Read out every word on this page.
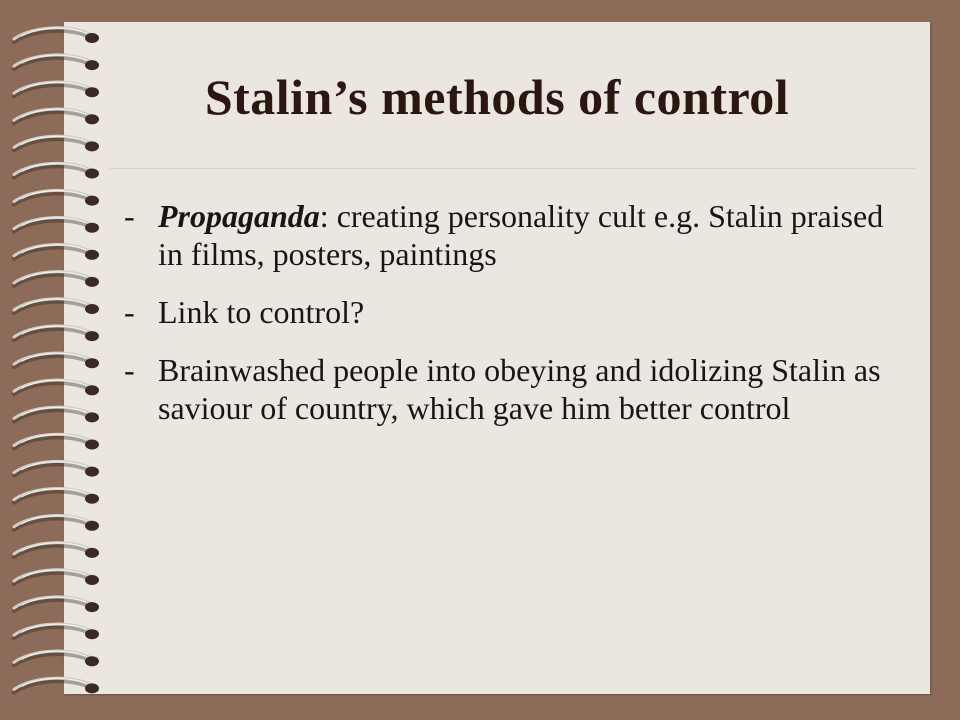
Stalin’s methods of control
- Propaganda: creating personality cult e.g. Stalin praised in films, posters, paintings
- Link to control?
- Brainwashed people into obeying and idolizing Stalin as saviour of country, which gave him better control
